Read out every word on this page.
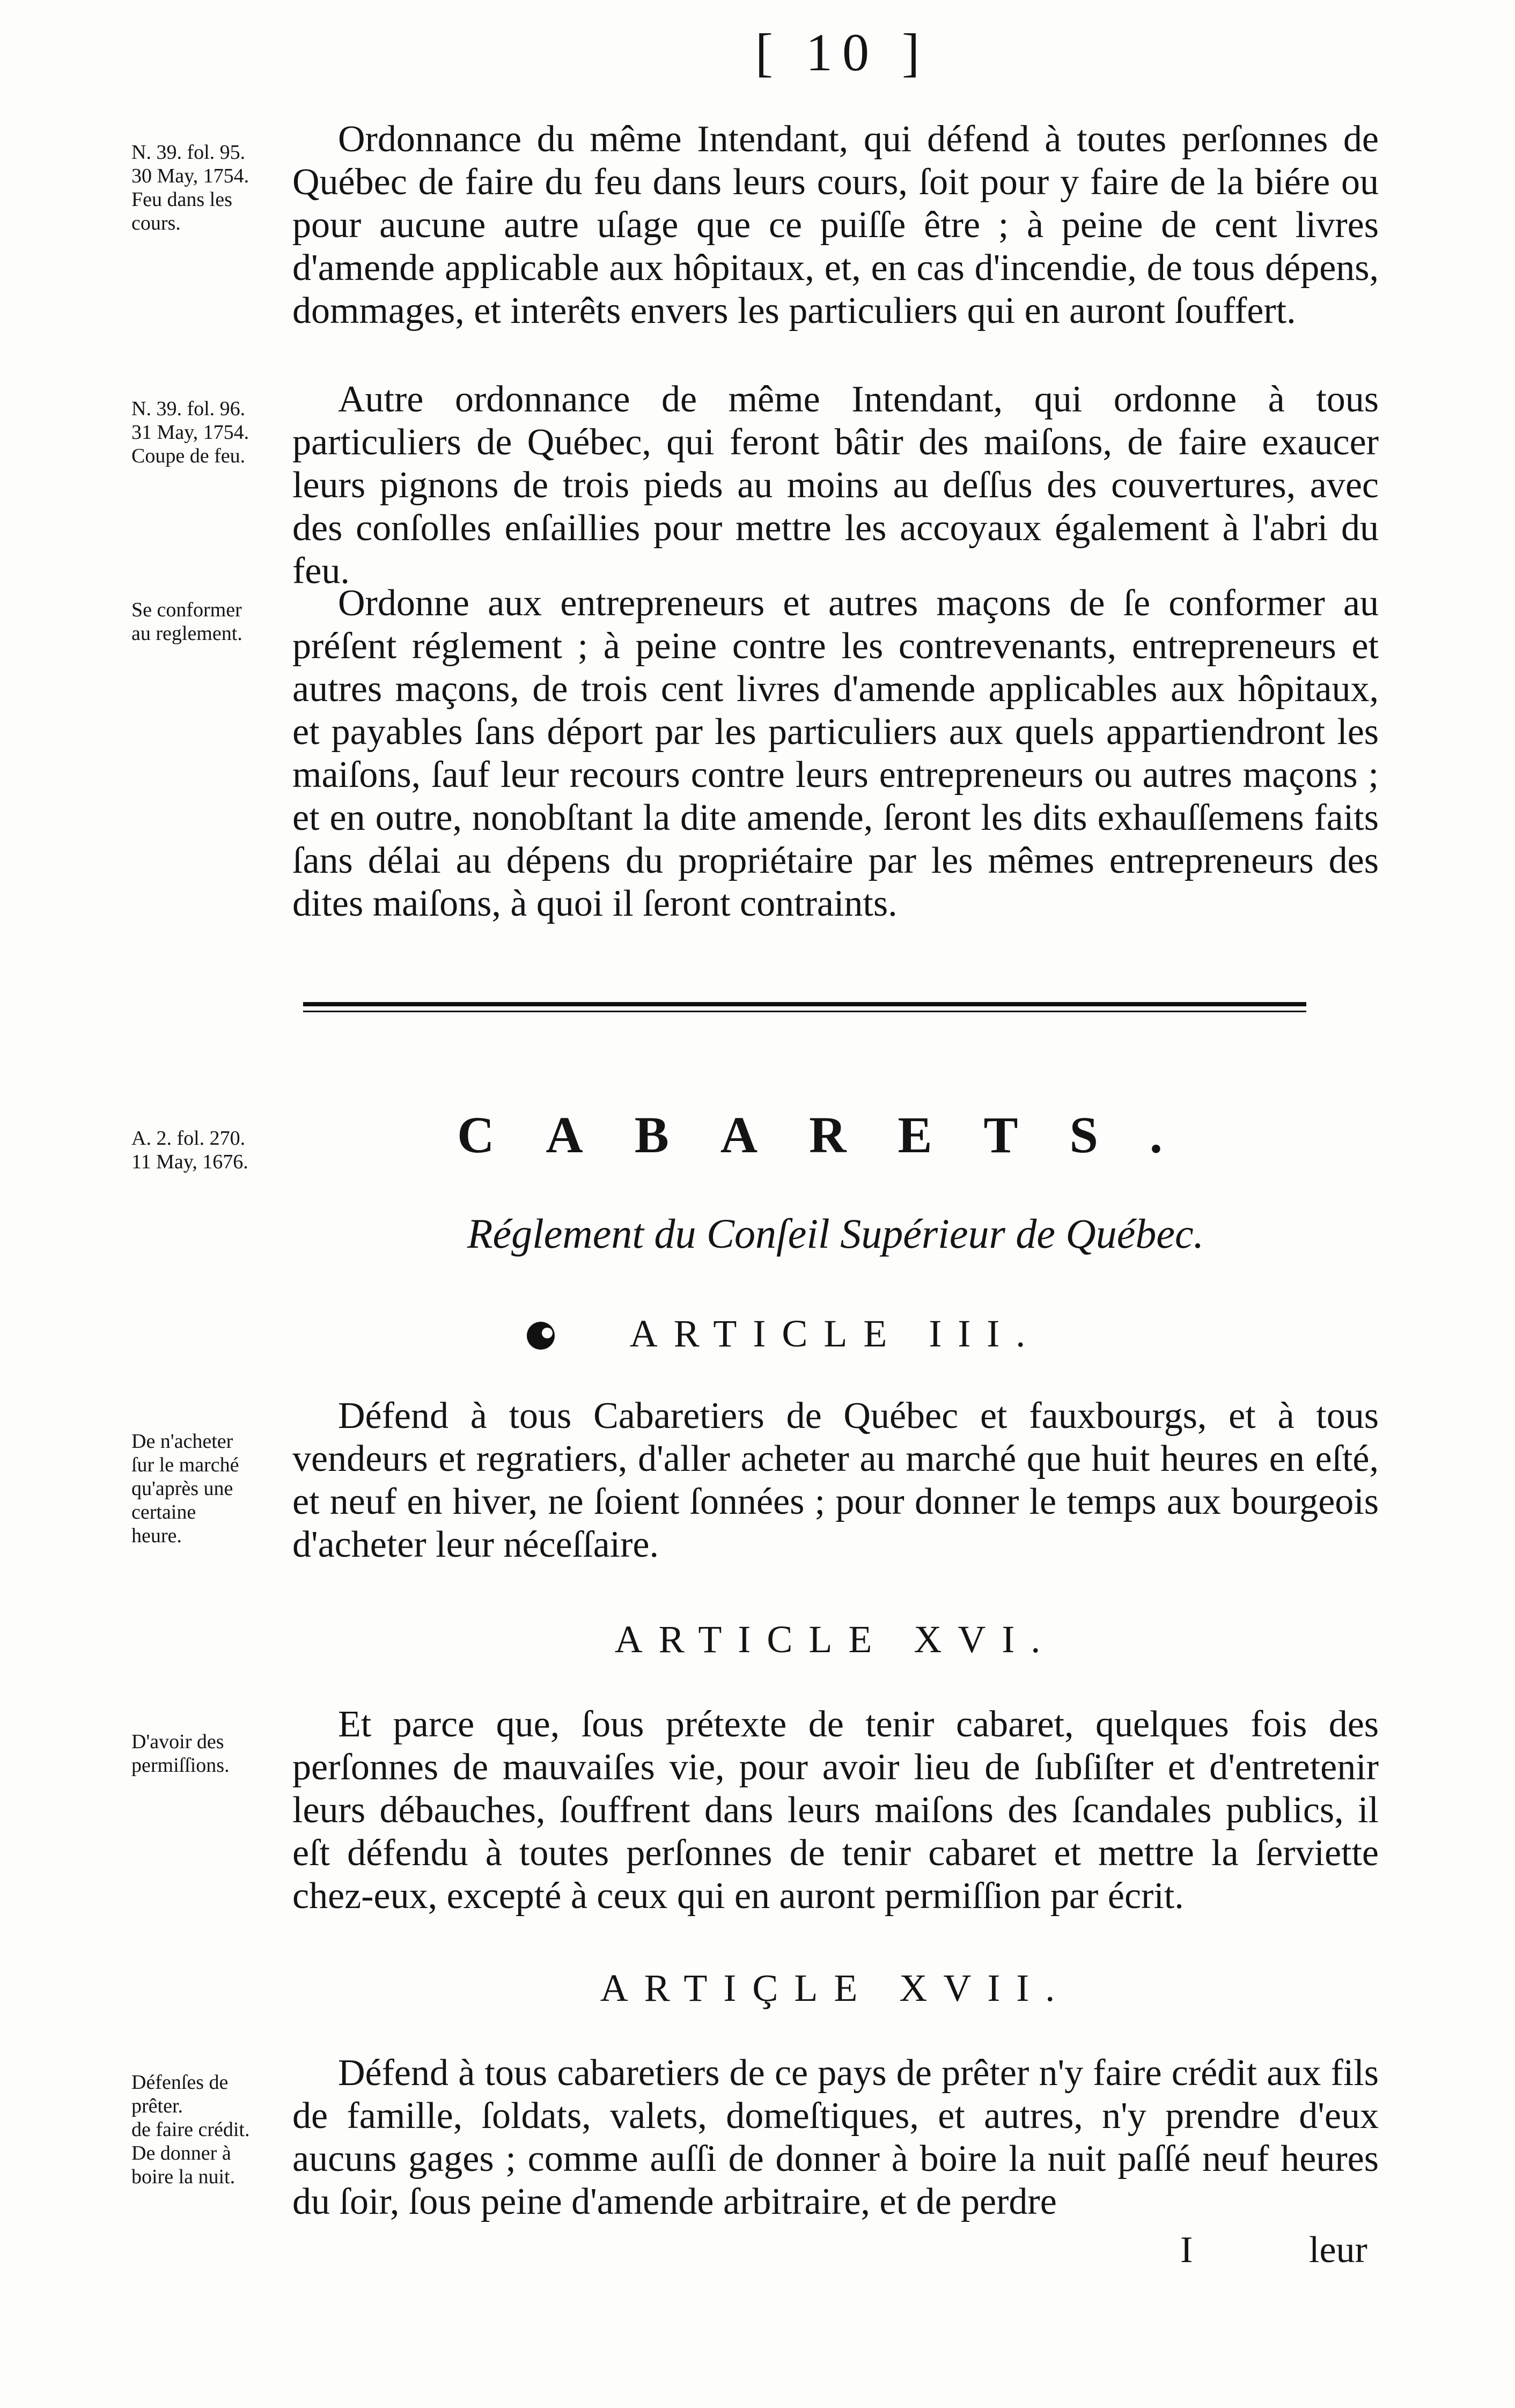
[ 10 ]
N. 39. fol. 95.
30 May, 1754.
Feu dans les
cours.

Ordonnance du même Intendant, qui défend à toutes perſonnes de Québec de faire du feu dans leurs cours, ſoit pour y faire de la biére ou pour aucune autre uſage que ce puiſſe être ; à peine de cent livres d'amende applicable aux hôpitaux, et, en cas d'incendie, de tous dépens, dommages, et interêts envers les particuliers qui en auront ſouffert.

N. 39. fol. 96.
31 May, 1754.
Coupe de feu.

Autre ordonnance de même Intendant, qui ordonne à tous particuliers de Québec, qui feront bâtir des maiſons, de faire exaucer leurs pignons de trois pieds au moins au deſſus des couvertures, avec des conſolles enſaillies pour mettre les accoyaux également à l'abri du feu.

Se conformer
au reglement.

Ordonne aux entrepreneurs et autres maçons de ſe conformer au préſent réglement ; à peine contre les contrevenants, entrepreneurs et autres maçons, de trois cent livres d'amende applicables aux hôpitaux, et payables ſans déport par les particuliers aux quels appartiendront les maiſons, ſauf leur recours contre leurs entrepreneurs ou autres maçons ; et en outre, nonobſtant la dite amende, ſeront les dits exhauſſemens faits ſans délai au dépens du propriétaire par les mêmes entrepreneurs des dites maiſons, à quoi il ſeront contraints.

A. 2. fol. 270.
11 May, 1676.	CABARETS.
Réglement du Conſeil Supérieur de Québec.
ARTICLE III.
De n'acheter
ſur le marché
qu'après une
certaine
heure.

Défend à tous Cabaretiers de Québec et fauxbourgs, et à tous vendeurs et regratiers, d'aller acheter au marché que huit heures en eſté, et neuf en hiver, ne ſoient ſonnées ; pour donner le temps aux bourgeois d'acheter leur néceſſaire.

ARTICLE XVI.
D'avoir des
permiſſions.

Et parce que, ſous prétexte de tenir cabaret, quelques fois des perſonnes de mauvaiſes vie, pour avoir lieu de ſubſiſter et d'entretenir leurs débauches, ſouffrent dans leurs maiſons des ſcandales publics, il eſt défendu à toutes perſonnes de tenir cabaret et mettre la ſerviette chez-eux, excepté à ceux qui en auront permiſſion par écrit.

ARTIÇLE XVII.
Défenſes de
prêter.
de faire crédit.
De donner à
boire la nuit.

Défend à tous cabaretiers de ce pays de prêter n'y faire crédit aux fils de famille, ſoldats, valets, domeſtiques, et autres, n'y prendre d'eux aucuns gages ; comme auſſi de donner à boire la nuit paſſé neuf heures du ſoir, ſous peine d'amende arbitraire, et de perdre

I	leur
